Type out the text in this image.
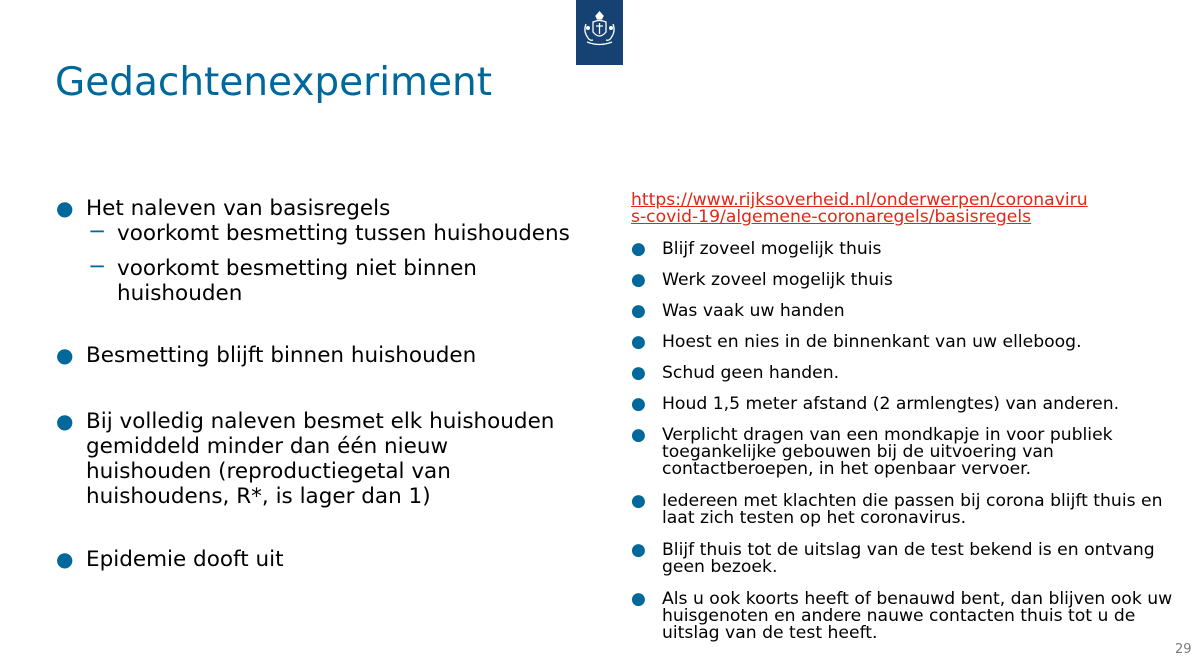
Gedachtenexperiment
● Het naleven van basisregels
− voorkomt besmetting tussen huishoudens
− voorkomt besmetting niet binnen huishouden
● Besmetting blijft binnen huishouden
● Bij volledig naleven besmet elk huishouden gemiddeld minder dan één nieuw huishouden (reproductiegetal van huishoudens, R*, is lager dan 1)
● Epidemie dooft uit
https://www.rijksoverheid.nl/onderwerpen/coronaviru
s-covid-19/algemene-coronaregels/basisregels
● Blijf zoveel mogelijk thuis
● Werk zoveel mogelijk thuis
● Was vaak uw handen
● Hoest en nies in de binnenkant van uw elleboog.
● Schud geen handen.
● Houd 1,5 meter afstand (2 armlengtes) van anderen.
● Verplicht dragen van een mondkapje in voor publiek toegankelijke gebouwen bij de uitvoering van contactberoepen, in het openbaar vervoer.
● Iedereen met klachten die passen bij corona blijft thuis en laat zich testen op het coronavirus.
● Blijf thuis tot de uitslag van de test bekend is en ontvang geen bezoek.
● Als u ook koorts heeft of benauwd bent, dan blijven ook uw huisgenoten en andere nauwe contacten thuis tot u de uitslag van de test heeft.
29
